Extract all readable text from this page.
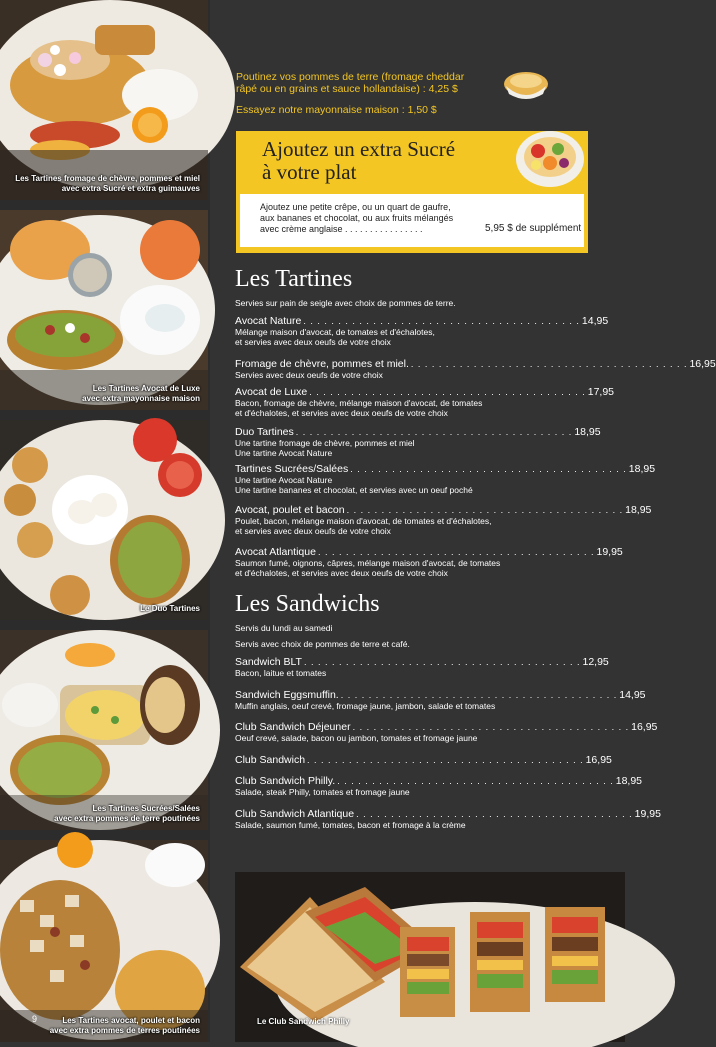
Les Tartines fromage de chèvre, pommes et miel
avec extra Sucré et extra guimauves
Les Tartines Avocat de Luxe
avec extra mayonnaise maison
Le Duo Tartines
Les Tartines Sucrées/Salées
avec extra pommes de terre poutinées
Les Tartines avocat, poulet et bacon
avec extra pommes de terres poutinées
9
Poutinez vos pommes de terre (fromage cheddar
râpé ou en grains et sauce hollandaise) : 4,25 $
Essayez notre mayonnaise maison : 1,50 $
Ajoutez un extra Sucré
à votre plat
Ajoutez une petite crêpe, ou un quart de gaufre,
aux bananes et chocolat, ou aux fruits mélangés
avec crème anglaise . . . . . . . . . . . . . . . .	5,95 $ de supplément
Les Tartines
Servies sur pain de seigle avec choix de pommes de terre.
Avocat Nature . . . . . . . . . . . . . . . . . . . . . . . . . . . . . . . . . . . . . . . . 14,95
Mélange maison d'avocat, de tomates et d'échalotes,
et servies avec deux oeufs de votre choix
Fromage de chèvre, pommes et miel. . . . . . . . . . . . . . . . . . . . . . . . . . . . . . . . . . . . . . . . . 16,95
Servies avec deux oeufs de votre choix
Avocat de Luxe . . . . . . . . . . . . . . . . . . . . . . . . . . . . . . . . . . . . . . . . 17,95
Bacon, fromage de chèvre, mélange maison d'avocat, de tomates
et d'échalotes, et servies avec deux oeufs de votre choix
Duo Tartines . . . . . . . . . . . . . . . . . . . . . . . . . . . . . . . . . . . . . . . . 18,95
Une tartine fromage de chèvre, pommes et miel
Une tartine Avocat Nature
Tartines Sucrées/Salées . . . . . . . . . . . . . . . . . . . . . . . . . . . . . . . . . . . . . . . . 18,95
Une tartine Avocat Nature
Une tartine bananes et chocolat, et servies avec un oeuf poché
Avocat, poulet et bacon . . . . . . . . . . . . . . . . . . . . . . . . . . . . . . . . . . . . . . . . 18,95
Poulet, bacon, mélange maison d'avocat, de tomates et d'échalotes,
et servies avec deux oeufs de votre choix
Avocat Atlantique . . . . . . . . . . . . . . . . . . . . . . . . . . . . . . . . . . . . . . . . 19,95
Saumon fumé, oignons, câpres, mélange maison d'avocat, de tomates
et d'échalotes, et servies avec deux oeufs de votre choix
Les Sandwichs
Servis du lundi au samedi
Servis avec choix de pommes de terre et café.
Sandwich BLT . . . . . . . . . . . . . . . . . . . . . . . . . . . . . . . . . . . . . . . . 12,95
Bacon, laitue et tomates
Sandwich Eggsmuffin. . . . . . . . . . . . . . . . . . . . . . . . . . . . . . . . . . . . . . . . . 14,95
Muffin anglais, oeuf crevé, fromage jaune, jambon, salade et tomates
Club Sandwich Déjeuner . . . . . . . . . . . . . . . . . . . . . . . . . . . . . . . . . . . . . . . . 16,95
Oeuf crevé, salade, bacon ou jambon, tomates et fromage jaune
Club Sandwich . . . . . . . . . . . . . . . . . . . . . . . . . . . . . . . . . . . . . . . . 16,95
Club Sandwich Philly. . . . . . . . . . . . . . . . . . . . . . . . . . . . . . . . . . . . . . . . . 18,95
Salade, steak Philly, tomates et fromage jaune
Club Sandwich Atlantique . . . . . . . . . . . . . . . . . . . . . . . . . . . . . . . . . . . . . . . . 19,95
Salade, saumon fumé, tomates, bacon et fromage à la crème
Le Club Sandwich Philly
